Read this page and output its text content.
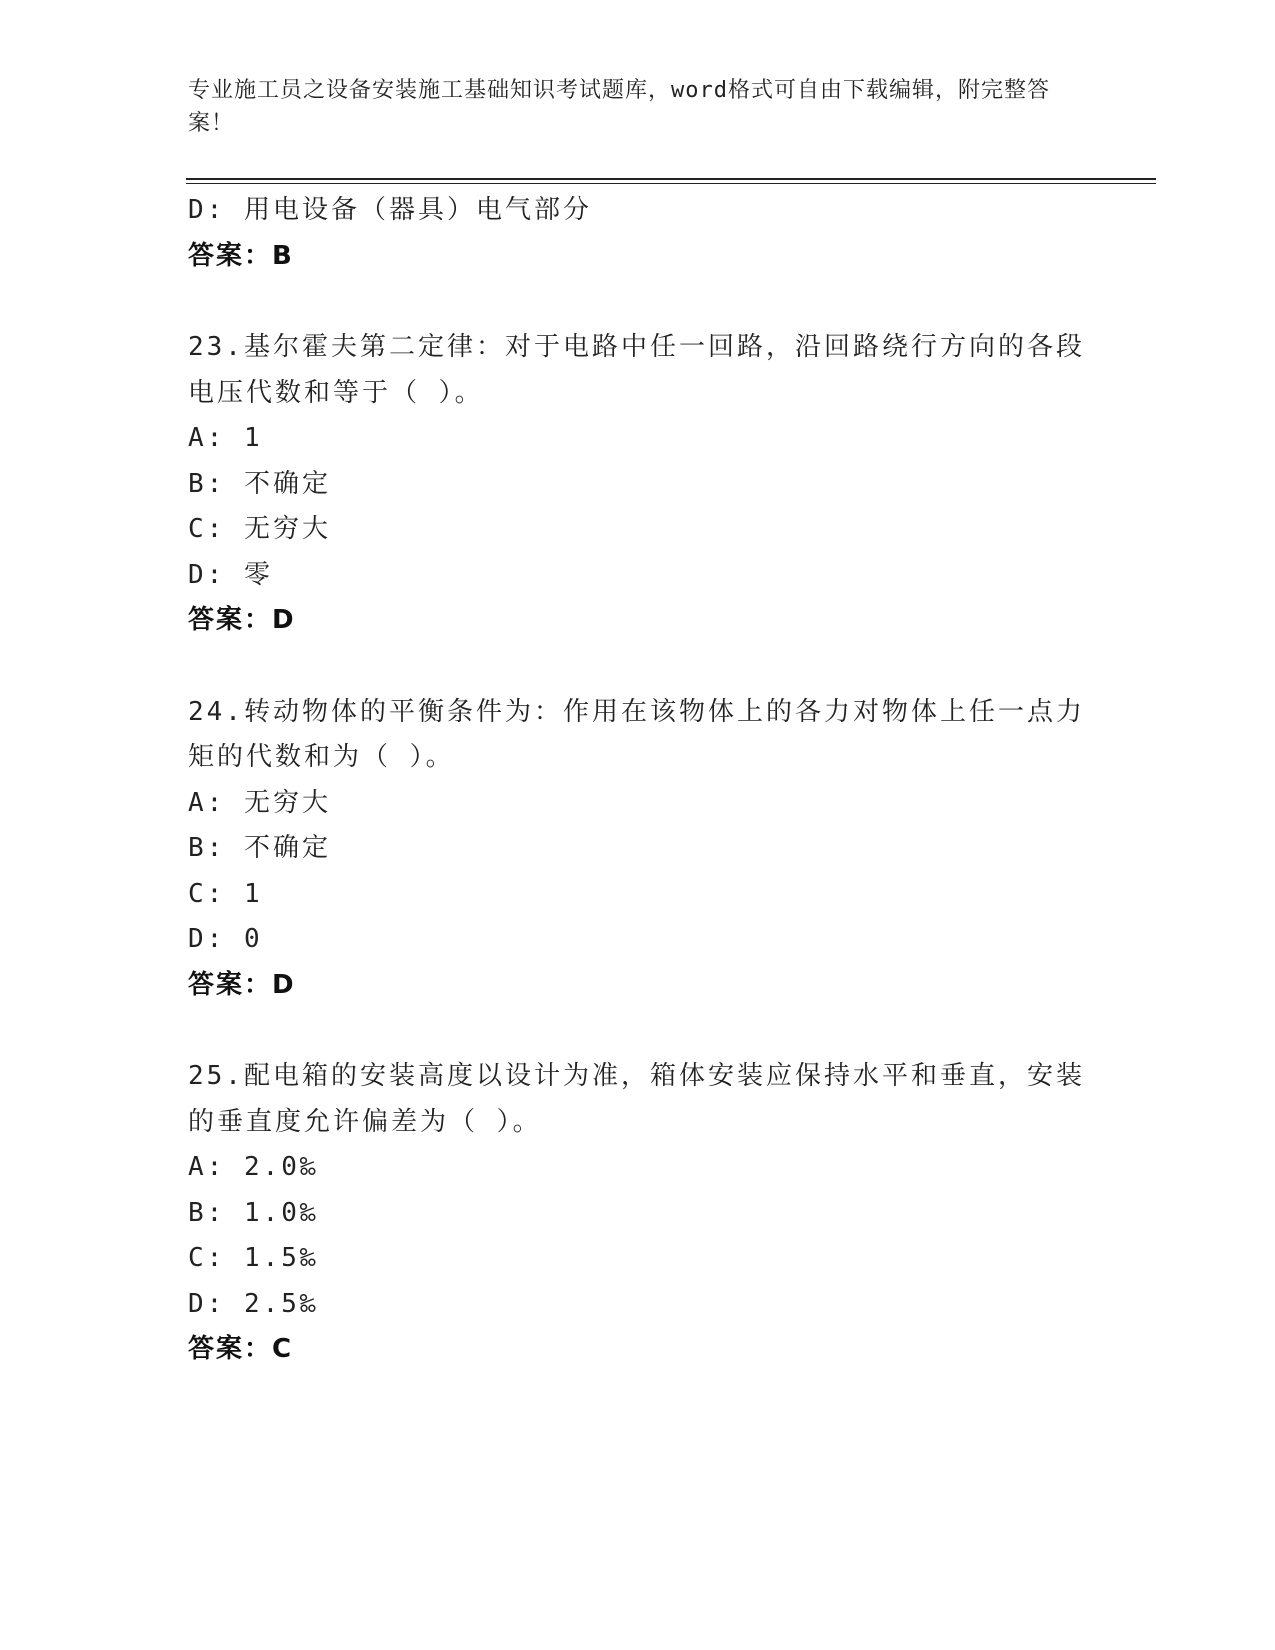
专业施工员之设备安装施工基础知识考试题库，word格式可自由下载编辑，附完整答案！
D: 用电设备（器具）电气部分
答案：B
23.基尔霍夫第二定律：对于电路中任一回路，沿回路绕行方向的各段电压代数和等于（ ）。
A: 1
B: 不确定
C: 无穷大
D: 零
答案：D
24.转动物体的平衡条件为：作用在该物体上的各力对物体上任一点力矩的代数和为（ ）。
A: 无穷大
B: 不确定
C: 1
D: 0
答案：D
25.配电箱的安装高度以设计为准，箱体安装应保持水平和垂直，安装的垂直度允许偏差为（ ）。
A: 2.0‰
B: 1.0‰
C: 1.5‰
D: 2.5‰
答案：C
